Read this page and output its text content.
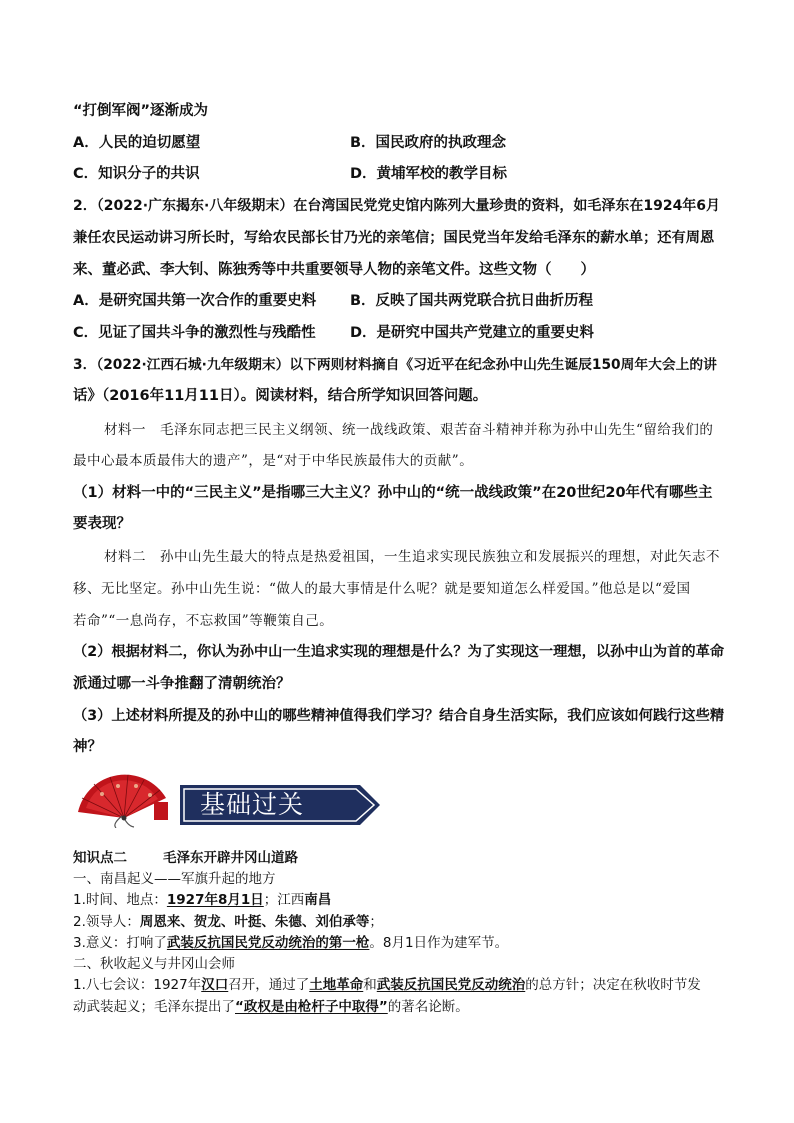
“打倒军阀”逐渐成为
A．人民的迫切愿望	B．国民政府的执政理念
C．知识分子的共识	D．黄埔军校的教学目标
2．（2022·广东揭东·八年级期末）在台湾国民党党史馆内陈列大量珍贵的资料，如毛泽东在1924年6月
兼任农民运动讲习所长时，写给农民部长甘乃光的亲笔信；国民党当年发给毛泽东的薪水单；还有周恩
来、董必武、李大钊、陈独秀等中共重要领导人物的亲笔文件。这些文物（　　）
A．是研究国共第一次合作的重要史料 B．反映了国共两党联合抗日曲折历程
C．见证了国共斗争的激烈性与残酷性 D．是研究中国共产党建立的重要史料
3．（2022·江西石城·九年级期末）以下两则材料摘自《习近平在纪念孙中山先生诞辰150周年大会上的讲
话》（2016年11月11日）。阅读材料，结合所学知识回答问题。
材料一　毛泽东同志把三民主义纲领、统一战线政策、艰苦奋斗精神并称为孙中山先生“留给我们的
最中心最本质最伟大的遗产”，是“对于中华民族最伟大的贡献”。
（1）材料一中的“三民主义”是指哪三大主义？孙中山的“统一战线政策”在20世纪20年代有哪些主
要表现？
材料二　孙中山先生最大的特点是热爱祖国，一生追求实现民族独立和发展振兴的理想，对此矢志不
移、无比坚定。孙中山先生说：“做人的最大事情是什么呢？就是要知道怎么样爱国。”他总是以“爱国
若命”“一息尚存，不忘救国”等鞭策自己。
（2）根据材料二，你认为孙中山一生追求实现的理想是什么？为了实现这一理想，以孙中山为首的革命
派通过哪一斗争推翻了清朝统治？
（3）上述材料所提及的孙中山的哪些精神值得我们学习？结合自身生活实际，我们应该如何践行这些精
神？
基础过关
知识点二	毛泽东开辟井冈山道路
一、南昌起义——军旗升起的地方
1.时间、地点：1927年8月1日；江西南昌
2.领导人：周恩来、贺龙、叶挺、朱德、刘伯承等；
3.意义：打响了武装反抗国民党反动统治的第一枪。8月1日作为建军节。
二、秋收起义与井冈山会师
1.八七会议：1927年汉口召开，通过了土地革命和武装反抗国民党反动统治的总方针；决定在秋收时节发
动武装起义；毛泽东提出了“政权是由枪杆子中取得”的著名论断。
